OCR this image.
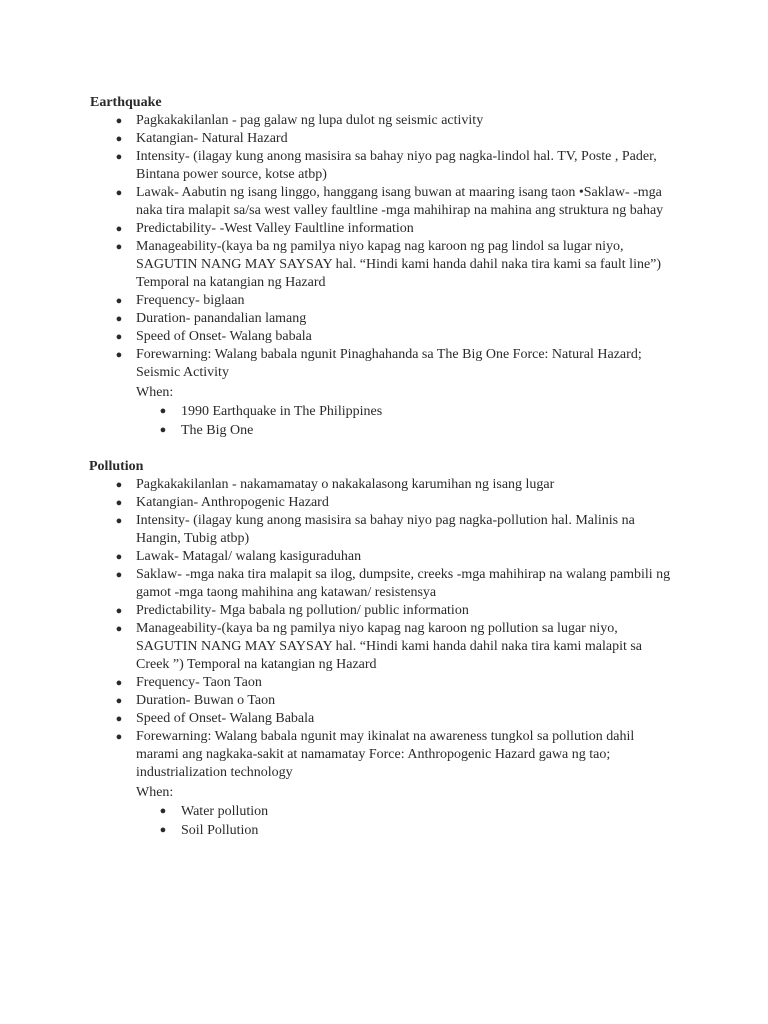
Earthquake
● Pagkakakilanlan - pag galaw ng lupa dulot ng seismic activity
● Katangian- Natural Hazard
● Intensity- (ilagay kung anong masisira sa bahay niyo pag nagka-lindol hal. TV, Poste , Pader, Bintana power source, kotse atbp)
● Lawak- Aabutin ng isang linggo, hanggang isang buwan at maaring isang taon •Saklaw- -mga naka tira malapit sa/sa west valley faultline -mga mahihirap na mahina ang struktura ng bahay
● Predictability- -West Valley Faultline information
● Manageability-(kaya ba ng pamilya niyo kapag nag karoon ng pag lindol sa lugar niyo, SAGUTIN NANG MAY SAYSAY hal. “Hindi kami handa dahil naka tira kami sa fault line”) Temporal na katangian ng Hazard
● Frequency- biglaan
● Duration- panandalian lamang
● Speed of Onset- Walang babala
● Forewarning: Walang babala ngunit Pinaghahanda sa The Big One Force: Natural Hazard; Seismic Activity
When:
● 1990 Earthquake in The Philippines
● The Big One
Pollution
● Pagkakakilanlan - nakamamatay o nakakalasong karumihan ng isang lugar
● Katangian- Anthropogenic Hazard
● Intensity- (ilagay kung anong masisira sa bahay niyo pag nagka-pollution hal. Malinis na Hangin, Tubig atbp)
● Lawak- Matagal/ walang kasiguraduhan
● Saklaw- -mga naka tira malapit sa ilog, dumpsite, creeks -mga mahihirap na walang pambili ng gamot -mga taong mahihina ang katawan/ resistensya
● Predictability- Mga babala ng pollution/ public information
● Manageability-(kaya ba ng pamilya niyo kapag nag karoon ng pollution sa lugar niyo, SAGUTIN NANG MAY SAYSAY hal. “Hindi kami handa dahil naka tira kami malapit sa Creek ”) Temporal na katangian ng Hazard
● Frequency- Taon Taon
● Duration- Buwan o Taon
● Speed of Onset- Walang Babala
● Forewarning: Walang babala ngunit may ikinalat na awareness tungkol sa pollution dahil marami ang nagkaka-sakit at namamatay Force: Anthropogenic Hazard gawa ng tao; industrialization technology
When:
● Water pollution
● Soil Pollution
